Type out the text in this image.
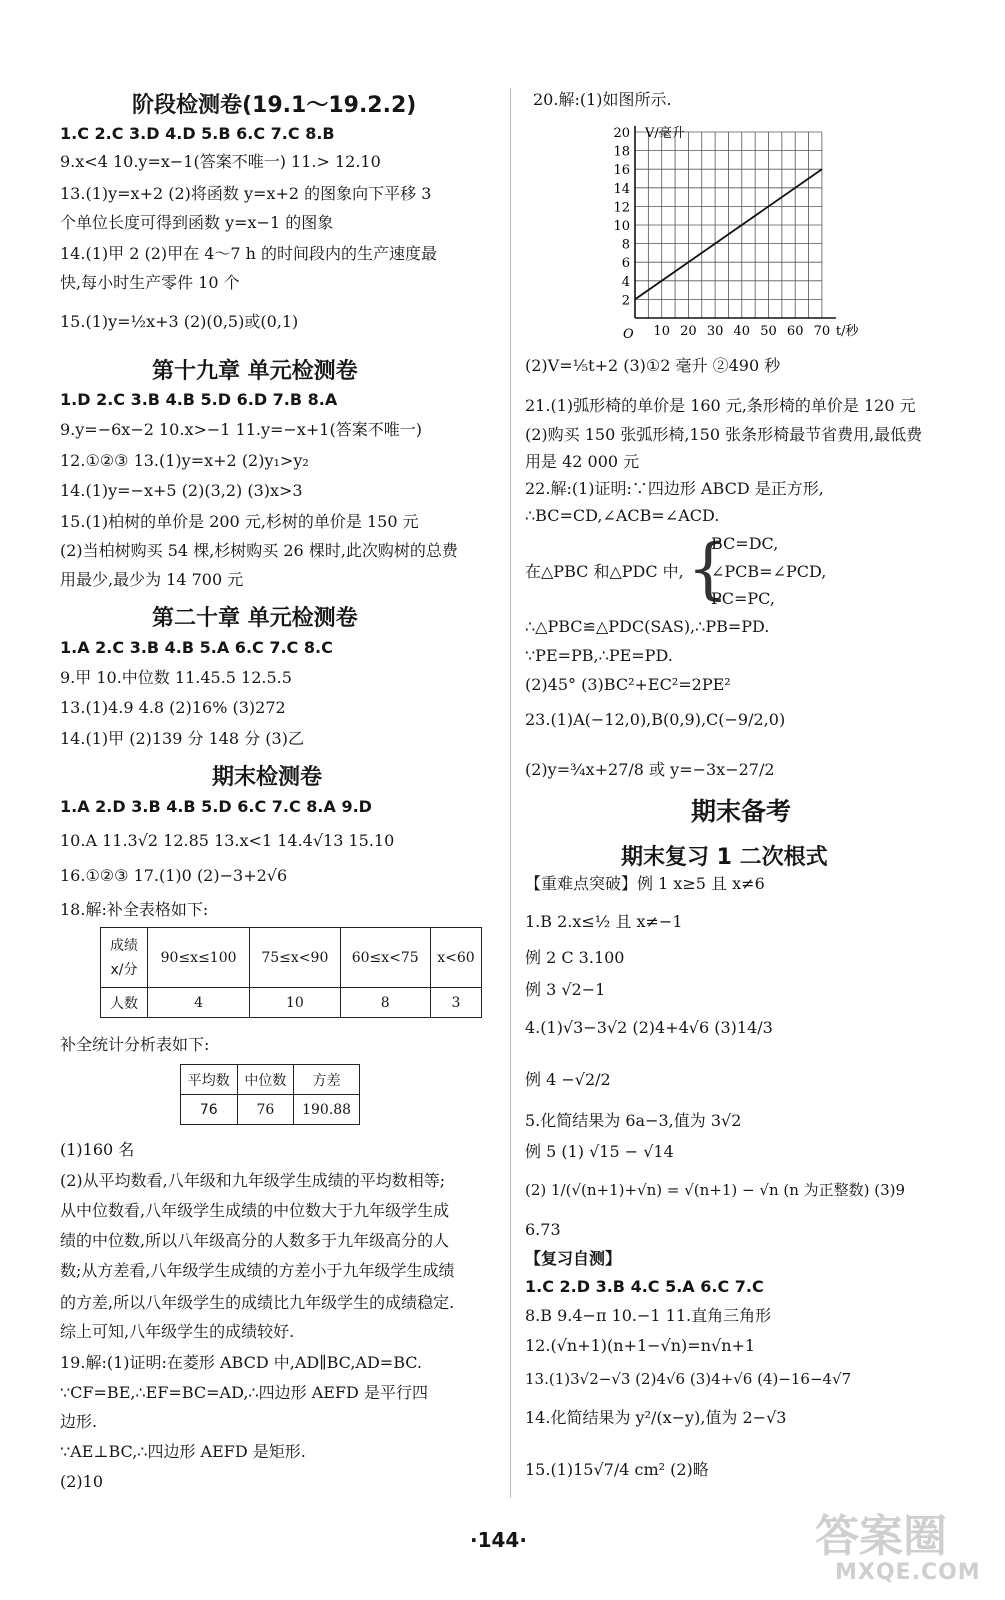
阶段检测卷(19.1～19.2.2)
1.C 2.C 3.D 4.D 5.B 6.C 7.C 8.B
9.x<4 10.y=x−1(答案不唯一) 11.> 12.10
13.(1)y=x+2 (2)将函数 y=x+2 的图象向下平移 3
个单位长度可得到函数 y=x−1 的图象
14.(1)甲 2 (2)甲在 4～7 h 的时间段内的生产速度最
快,每小时生产零件 10 个
15.(1)y=½x+3 (2)(0,5)或(0,1)
第十九章 单元检测卷
1.D 2.C 3.B 4.B 5.D 6.D 7.B 8.A
9.y=−6x−2 10.x>−1 11.y=−x+1(答案不唯一)
12.①②③ 13.(1)y=x+2 (2)y₁>y₂
14.(1)y=−x+5 (2)(3,2) (3)x>3
15.(1)柏树的单价是 200 元,杉树的单价是 150 元
(2)当柏树购买 54 棵,杉树购买 26 棵时,此次购树的总费
用最少,最少为 14 700 元
第二十章 单元检测卷
1.A 2.C 3.B 4.B 5.A 6.C 7.C 8.C
9.甲 10.中位数 11.45.5 12.5.5
13.(1)4.9 4.8 (2)16% (3)272
14.(1)甲 (2)139 分 148 分 (3)乙
期末检测卷
1.A 2.D 3.B 4.B 5.D 6.C 7.C 8.A 9.D
10.A 11.3√2 12.85 13.x<1 14.4√13 15.10
16.①②③ 17.(1)0 (2)−3+2√6
18.解:补全表格如下:
成绩
x/分	90≤x≤100	75≤x<90	60≤x<75	x<60
人数	4	10	8	3
补全统计分析表如下:
平均数	中位数	方差
76	76	190.88
(1)160 名
(2)从平均数看,八年级和九年级学生成绩的平均数相等;
从中位数看,八年级学生成绩的中位数大于九年级学生成
绩的中位数,所以八年级高分的人数多于九年级高分的人
数;从方差看,八年级学生成绩的方差小于九年级学生成绩
的方差,所以八年级学生的成绩比九年级学生的成绩稳定.
综上可知,八年级学生的成绩较好.
19.解:(1)证明:在菱形 ABCD 中,AD∥BC,AD=BC.
∵CF=BE,∴EF=BC=AD,∴四边形 AEFD 是平行四
边形.
∵AE⊥BC,∴四边形 AEFD 是矩形.
(2)10
20.解:(1)如图所示.
10 20 30 40 50 60 70
2
4
6
8
10
12
14
16
18
20
O
V/毫升
t/秒
(2)V=⅕t+2 (3)①2 毫升 ②490 秒
21.(1)弧形椅的单价是 160 元,条形椅的单价是 120 元
(2)购买 150 张弧形椅,150 张条形椅最节省费用,最低费
用是 42 000 元
22.解:(1)证明:∵四边形 ABCD 是正方形,
∴BC=CD,∠ACB=∠ACD.
在△PBC 和△PDC 中, {
BC=DC,
∠PCB=∠PCD,
PC=PC,
∴△PBC≌△PDC(SAS),∴PB=PD.
∵PE=PB,∴PE=PD.
(2)45° (3)BC²+EC²=2PE²
23.(1)A(−12,0),B(0,9),C(−9/2,0)
(2)y=¾x+27/8 或 y=−3x−27/2
期末备考
期末复习 1 二次根式
【重难点突破】例 1 x≥5 且 x≠6
1.B 2.x≤½ 且 x≠−1
例 2 C 3.100
例 3 √2−1
4.(1)√3−3√2 (2)4+4√6 (3)14/3
例 4 −√2/2
5.化简结果为 6a−3,值为 3√2
例 5 (1) √15 − √14
(2) 1/(√(n+1)+√n) = √(n+1) − √n (n 为正整数) (3)9
6.73
【复习自测】
1.C 2.D 3.B 4.C 5.A 6.C 7.C
8.B 9.4−π 10.−1 11.直角三角形
12.(√n+1)(n+1−√n)=n√n+1
13.(1)3√2−√3 (2)4√6 (3)4+√6 (4)−16−4√7
14.化简结果为 y²/(x−y),值为 2−√3
15.(1)15√7/4 cm² (2)略
·144·	答案圈
MXQE.COM
